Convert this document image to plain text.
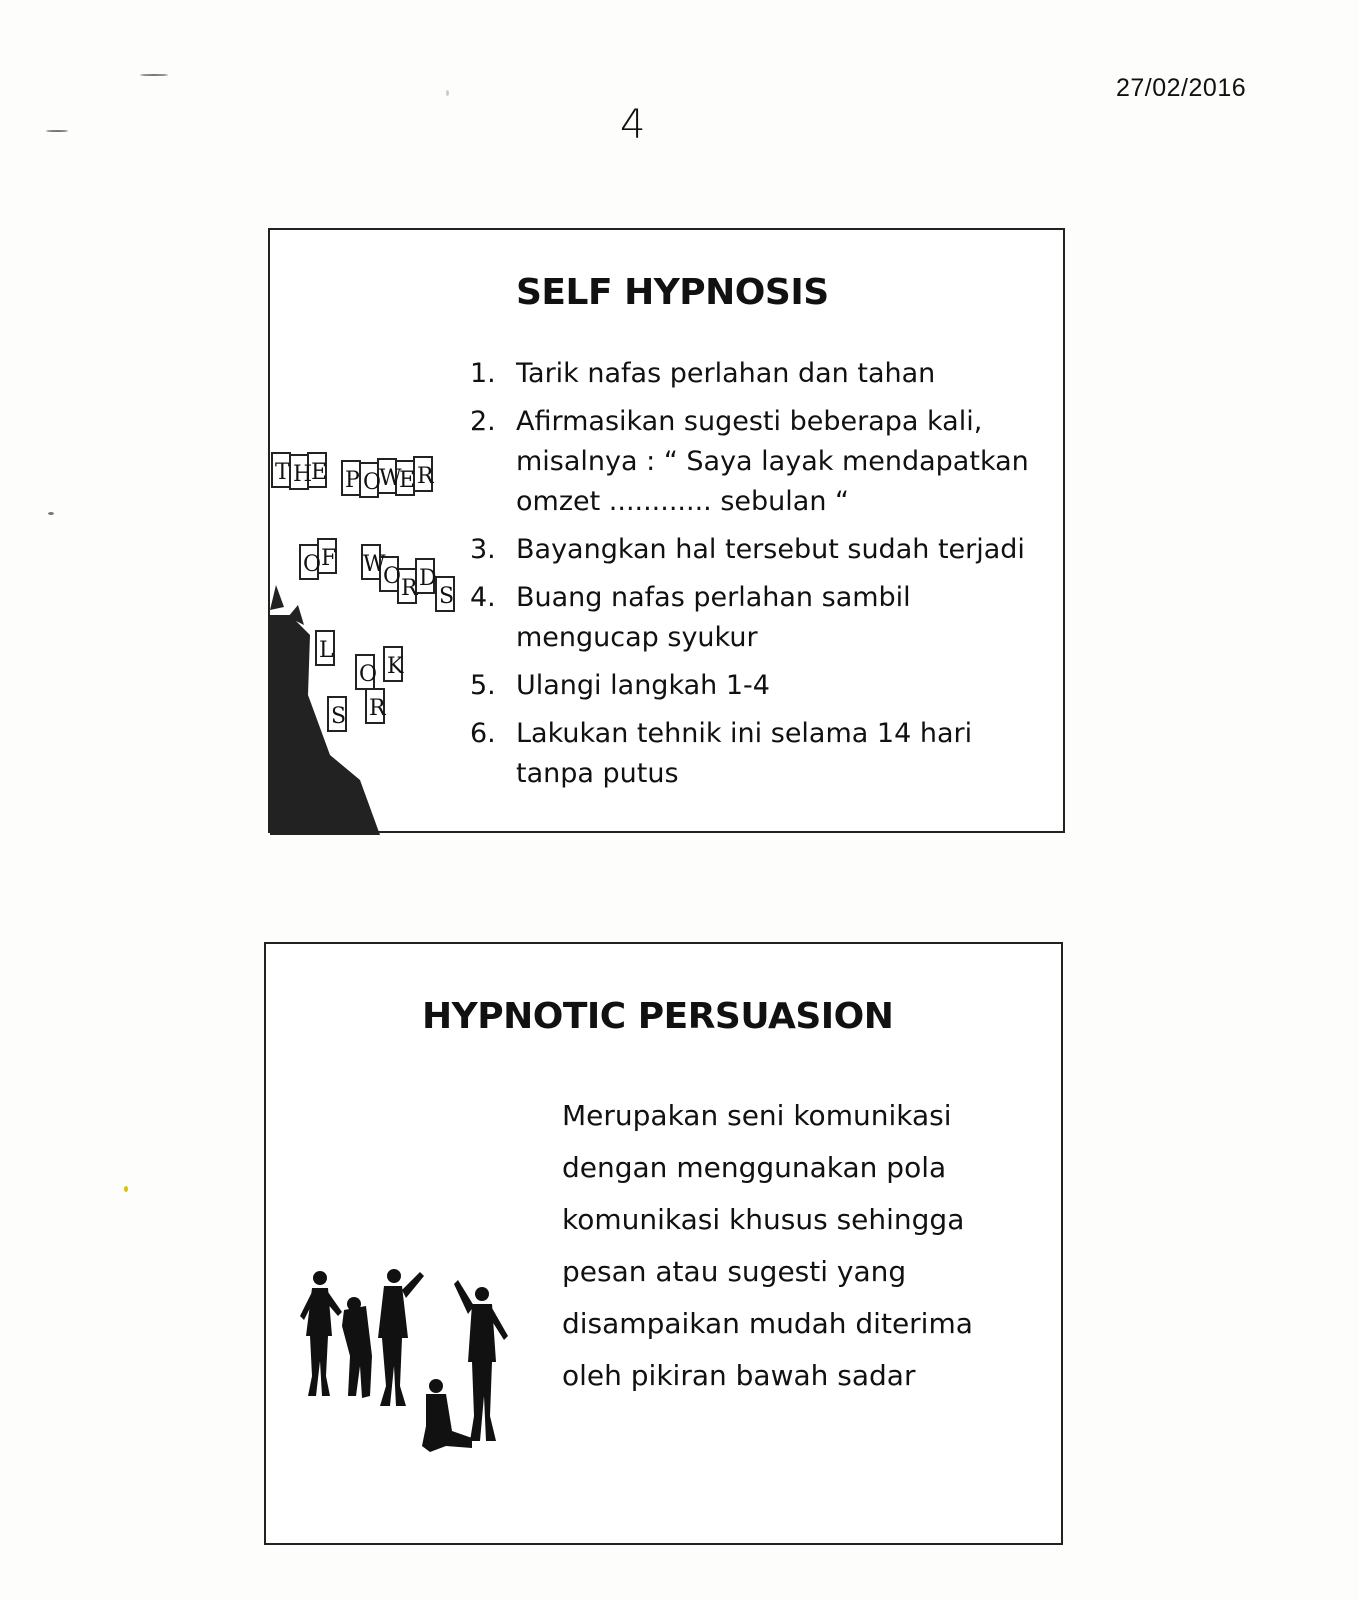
27/02/2016
4
SELF HYPNOSIS
T H
E P O
W
E R
O F W
O R D
S
L
O
S R
K
1. Tarik nafas perlahan dan tahan
2. Afirmasikan sugesti beberapa kali, misalnya : “ Saya layak mendapatkan omzet ............ sebulan “
3. Bayangkan hal tersebut sudah terjadi
4. Buang nafas perlahan sambil mengucap syukur
5. Ulangi langkah 1-4
6. Lakukan tehnik ini selama 14 hari tanpa putus
HYPNOTIC PERSUASION
Merupakan seni komunikasi dengan menggunakan pola komunikasi khusus sehingga pesan atau sugesti yang disampaikan mudah diterima oleh pikiran bawah sadar
